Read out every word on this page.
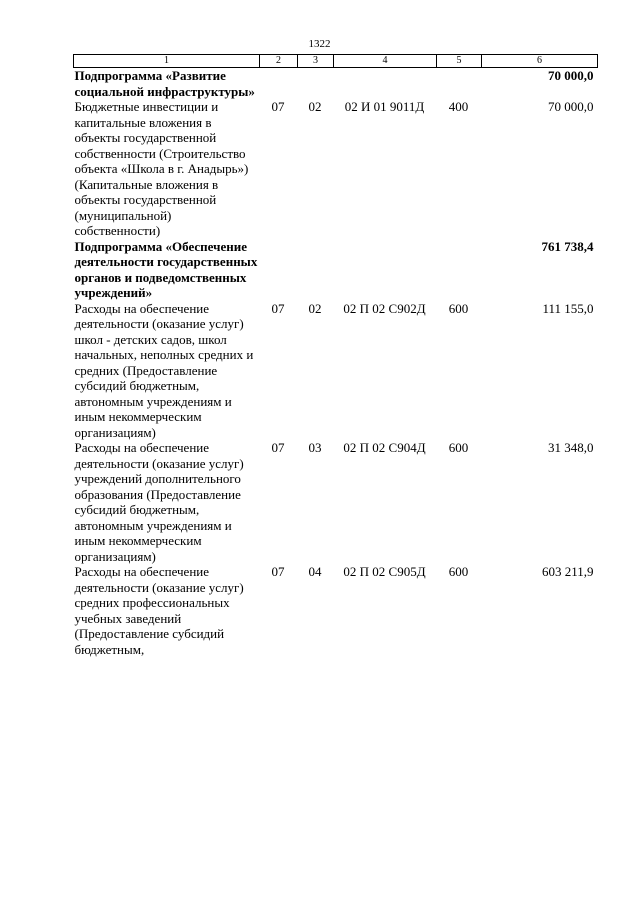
1322
1	2	3	4	5	6
Подпрограмма «Развитие социальной инфраструктуры»					70 000,0
Бюджетные инвестиции и капитальные вложения в объекты государственной собственности (Строительство объекта «Школа в г. Анадырь») (Капитальные вложения в объекты государственной (муниципальной) собственности)	07	02	02 И 01 9011Д	400	70 000,0
Подпрограмма «Обеспечение деятельности государственных органов и подведомственных учреждений»					761 738,4
Расходы на обеспечение деятельности (оказание услуг) школ - детских садов, школ начальных, неполных средних и средних (Предоставление субсидий бюджетным, автономным учреждениям и иным некоммерческим организациям)	07	02	02 П 02 С902Д	600	111 155,0
Расходы на обеспечение деятельности (оказание услуг) учреждений дополнительного образования (Предоставление субсидий бюджетным, автономным учреждениям и иным некоммерческим организациям)	07	03	02 П 02 С904Д	600	31 348,0
Расходы на обеспечение деятельности (оказание услуг) средних профессиональных учебных заведений (Предоставление субсидий бюджетным,	07	04	02 П 02 С905Д	600	603 211,9
